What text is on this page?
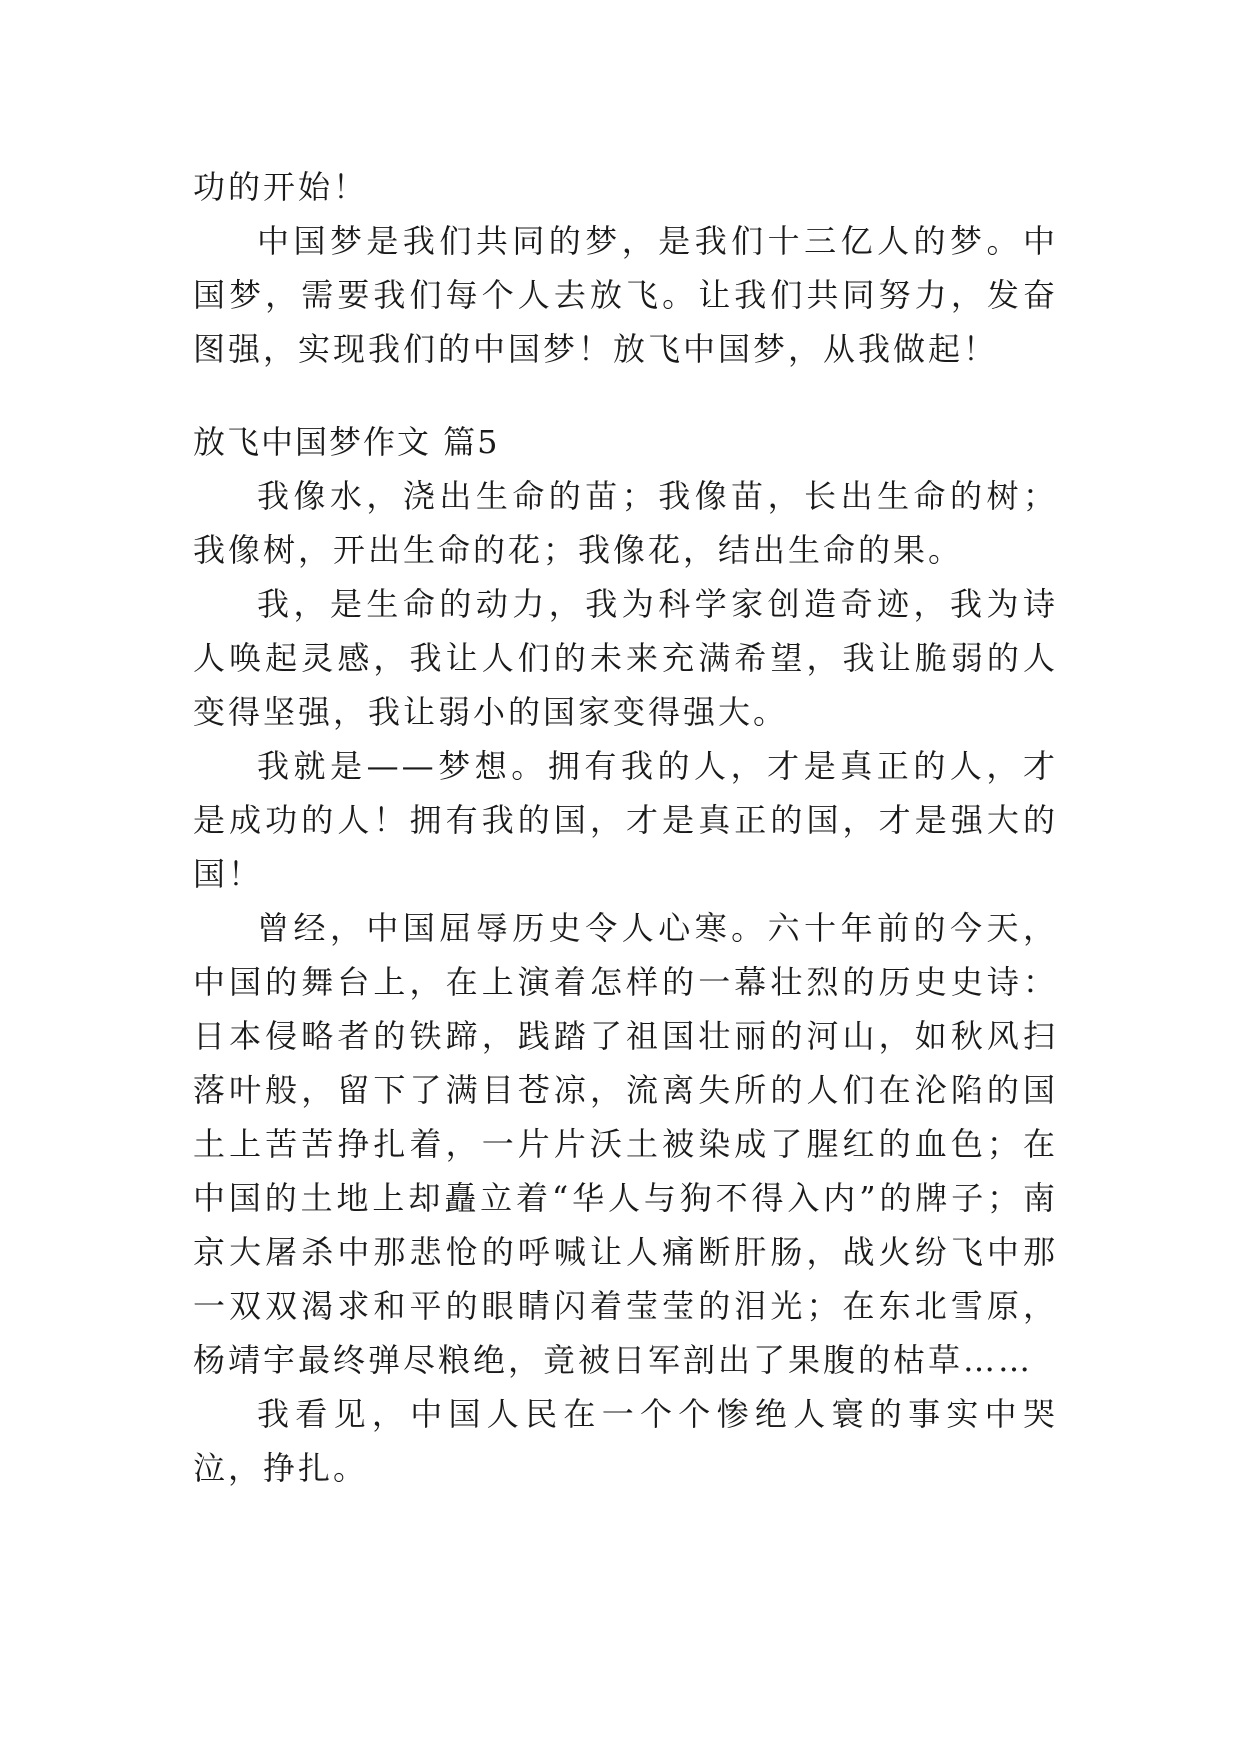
功的开始！

中国梦是我们共同的梦，是我们十三亿人的梦。中国梦，需要我们每个人去放飞。让我们共同努力，发奋图强，实现我们的中国梦！放飞中国梦，从我做起！

放飞中国梦作文 篇5

我像水，浇出生命的苗；我像苗，长出生命的树；我像树，开出生命的花；我像花，结出生命的果。

我，是生命的动力，我为科学家创造奇迹，我为诗人唤起灵感，我让人们的未来充满希望，我让脆弱的人变得坚强，我让弱小的国家变得强大。

我就是——梦想。拥有我的人，才是真正的人，才是成功的人！拥有我的国，才是真正的国，才是强大的国！

曾经，中国屈辱历史令人心寒。六十年前的今天，中国的舞台上，在上演着怎样的一幕壮烈的历史史诗：日本侵略者的铁蹄，践踏了祖国壮丽的河山，如秋风扫落叶般，留下了满目苍凉，流离失所的人们在沦陷的国土上苦苦挣扎着，一片片沃土被染成了腥红的血色；在中国的土地上却矗立着“华人与狗不得入内”的牌子；南京大屠杀中那悲怆的呼喊让人痛断肝肠，战火纷飞中那一双双渴求和平的眼睛闪着莹莹的泪光；在东北雪原，杨靖宇最终弹尽粮绝，竟被日军剖出了果腹的枯草……

我看见，中国人民在一个个惨绝人寰的事实中哭泣，挣扎。
